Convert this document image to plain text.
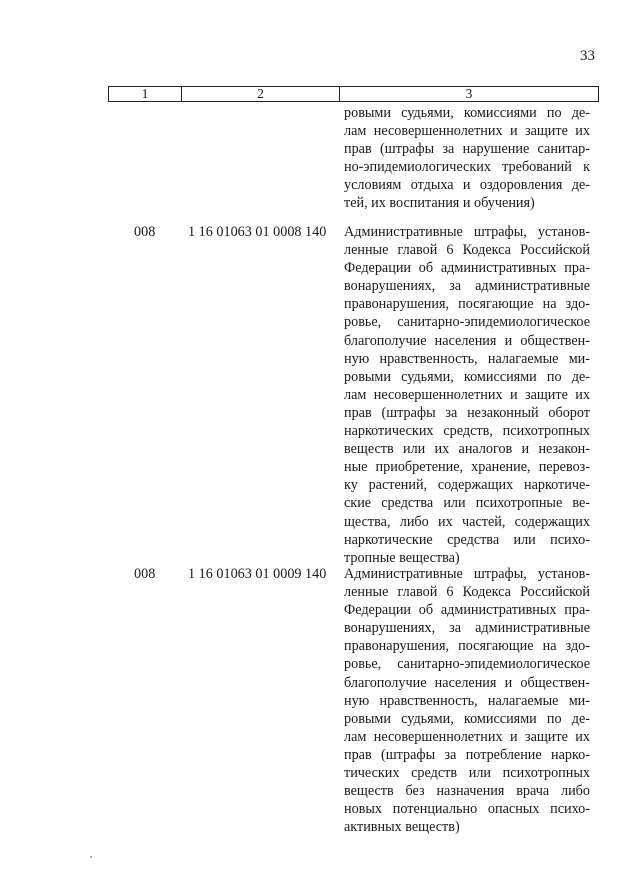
33
1	2	3
ровыми судьями, комиссиями по де-
лам несовершеннолетних и защите их
прав (штрафы за нарушение санитар-
но-эпидемиологических требований к
условиям отдыха и оздоровления де-
тей, их воспитания и обучения)
008 1 16 01063 01 0008 140 Административные штрафы, установ-
ленные главой 6 Кодекса Российской
Федерации об административных пра-
вонарушениях, за административные
правонарушения, посягающие на здо-
ровье, санитарно-эпидемиологическое
благополучие населения и обществен-
ную нравственность, налагаемые ми-
ровыми судьями, комиссиями по де-
лам несовершеннолетних и защите их
прав (штрафы за незаконный оборот
наркотических средств, психотропных
веществ или их аналогов и незакон-
ные приобретение, хранение, перевоз-
ку растений, содержащих наркотиче-
ские средства или психотропные ве-
щества, либо их частей, содержащих
наркотические средства или психо-
тропные вещества)
008 1 16 01063 01 0009 140 Административные штрафы, установ-
ленные главой 6 Кодекса Российской
Федерации об административных пра-
вонарушениях, за административные
правонарушения, посягающие на здо-
ровье, санитарно-эпидемиологическое
благополучие населения и обществен-
ную нравственность, налагаемые ми-
ровыми судьями, комиссиями по де-
лам несовершеннолетних и защите их
прав (штрафы за потребление нарко-
тических средств или психотропных
веществ без назначения врача либо
новых потенциально опасных психо-
активных веществ)
